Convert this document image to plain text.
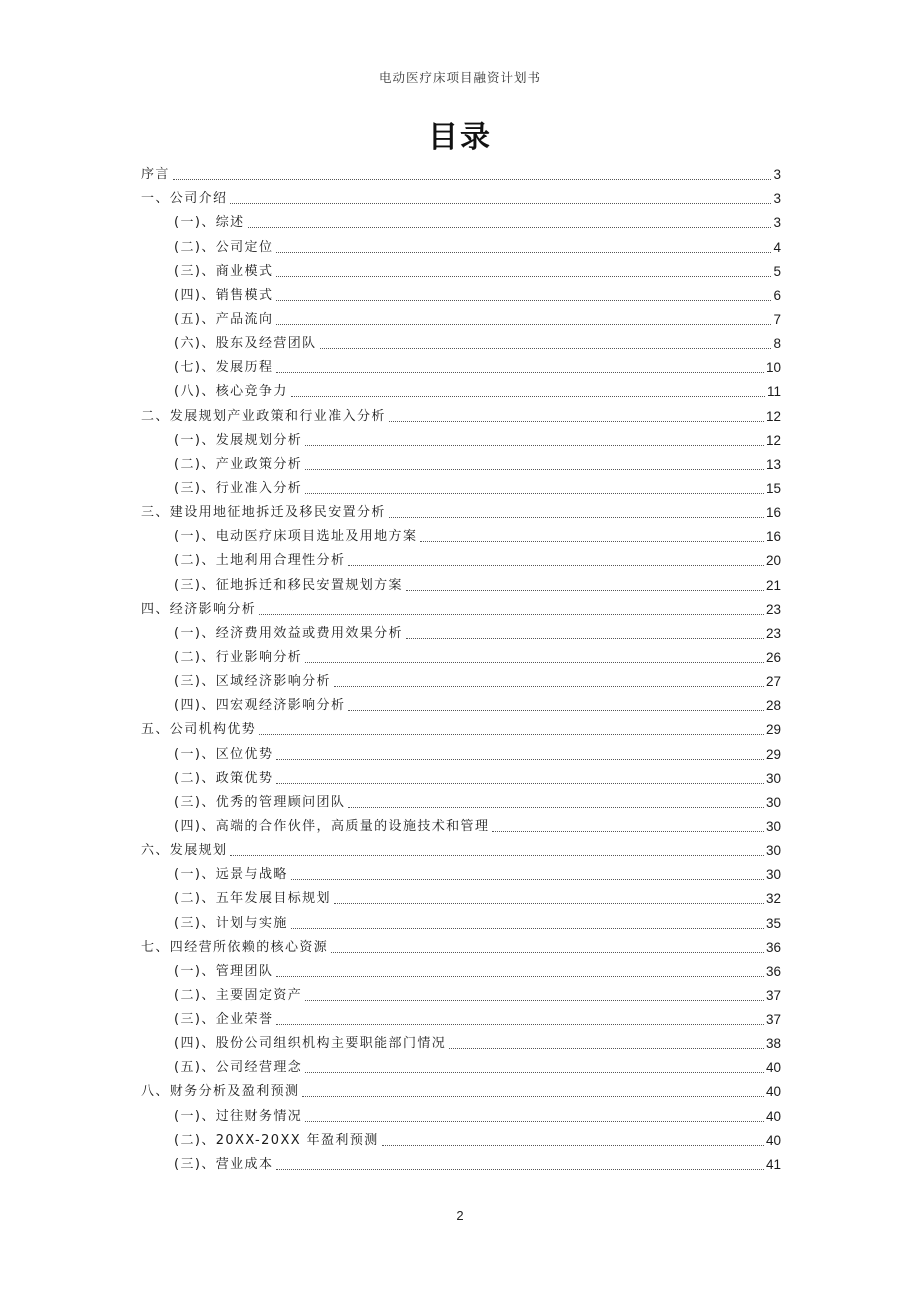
电动医疗床项目融资计划书
目录
序言	3
一、公司介绍	3
(一)、综述	3
(二)、公司定位	4
(三)、商业模式	5
(四)、销售模式	6
(五)、产品流向	7
(六)、股东及经营团队	8
(七)、发展历程	10
(八)、核心竞争力	11
二、发展规划产业政策和行业准入分析	12
(一)、发展规划分析	12
(二)、产业政策分析	13
(三)、行业准入分析	15
三、建设用地征地拆迁及移民安置分析	16
(一)、电动医疗床项目选址及用地方案	16
(二)、土地利用合理性分析	20
(三)、征地拆迁和移民安置规划方案	21
四、经济影响分析	23
(一)、经济费用效益或费用效果分析	23
(二)、行业影响分析	26
(三)、区域经济影响分析	27
(四)、四宏观经济影响分析	28
五、公司机构优势	29
(一)、区位优势	29
(二)、政策优势	30
(三)、优秀的管理顾问团队	30
(四)、高端的合作伙伴，高质量的设施技术和管理	30
六、发展规划	30
(一)、远景与战略	30
(二)、五年发展目标规划	32
(三)、计划与实施	35
七、四经营所依赖的核心资源	36
(一)、管理团队	36
(二)、主要固定资产	37
(三)、企业荣誉	37
(四)、股份公司组织机构主要职能部门情况	38
(五)、公司经营理念	40
八、财务分析及盈利预测	40
(一)、过往财务情况	40
(二)、20XX-20XX 年盈利预测	40
(三)、营业成本	41
2
